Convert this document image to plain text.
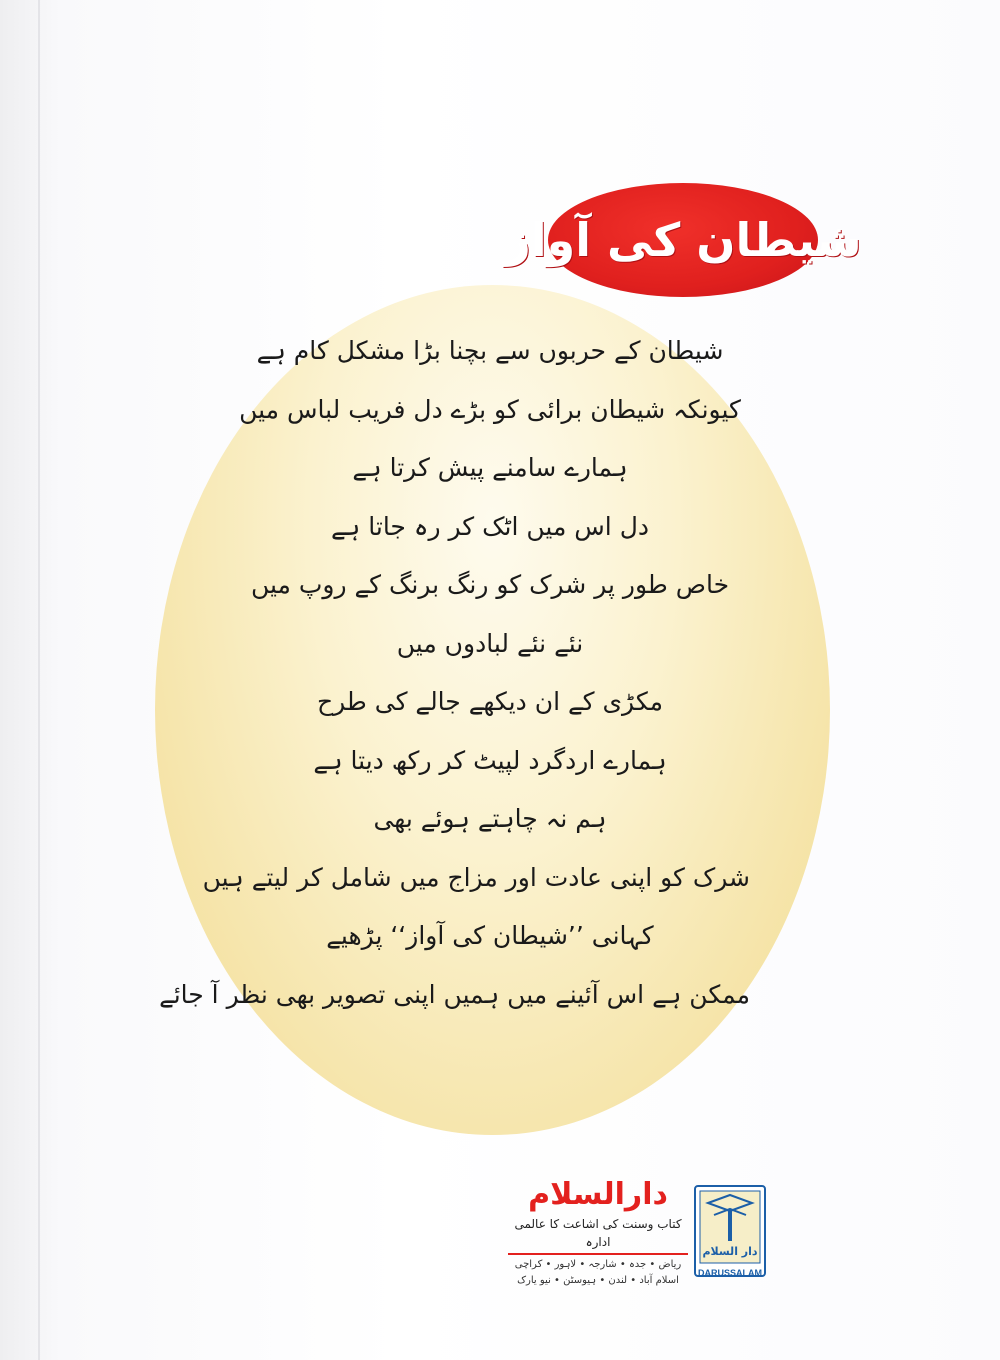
شیطان کی آواز
شیطان کے حربوں سے بچنا بڑا مشکل کام ہے
کیونکہ شیطان برائی کو بڑے دل فریب لباس میں
ہمارے سامنے پیش کرتا ہے
دل اس میں اٹک کر رہ جاتا ہے
خاص طور پر شرک کو رنگ برنگ کے روپ میں
نئے نئے لبادوں میں
مکڑی کے ان دیکھے جالے کی طرح
ہمارے اردگرد لپیٹ کر رکھ دیتا ہے
ہم نہ چاہتے ہوئے بھی
شرک کو اپنی عادت اور مزاج میں شامل کر لیتے ہیں
کہانی ’’شیطان کی آواز‘‘ پڑھیے
ممکن ہے اس آئینے میں ہمیں اپنی تصویر بھی نظر آ جائے
دارالسلام
کتاب وسنت کی اشاعت کا عالمی ادارہ
ریاض • جدہ • شارجہ • لاہور • کراچی
اسلام آباد • لندن • ہیوسٹن • نیو یارک
دار السلام
DARUSSALAM
